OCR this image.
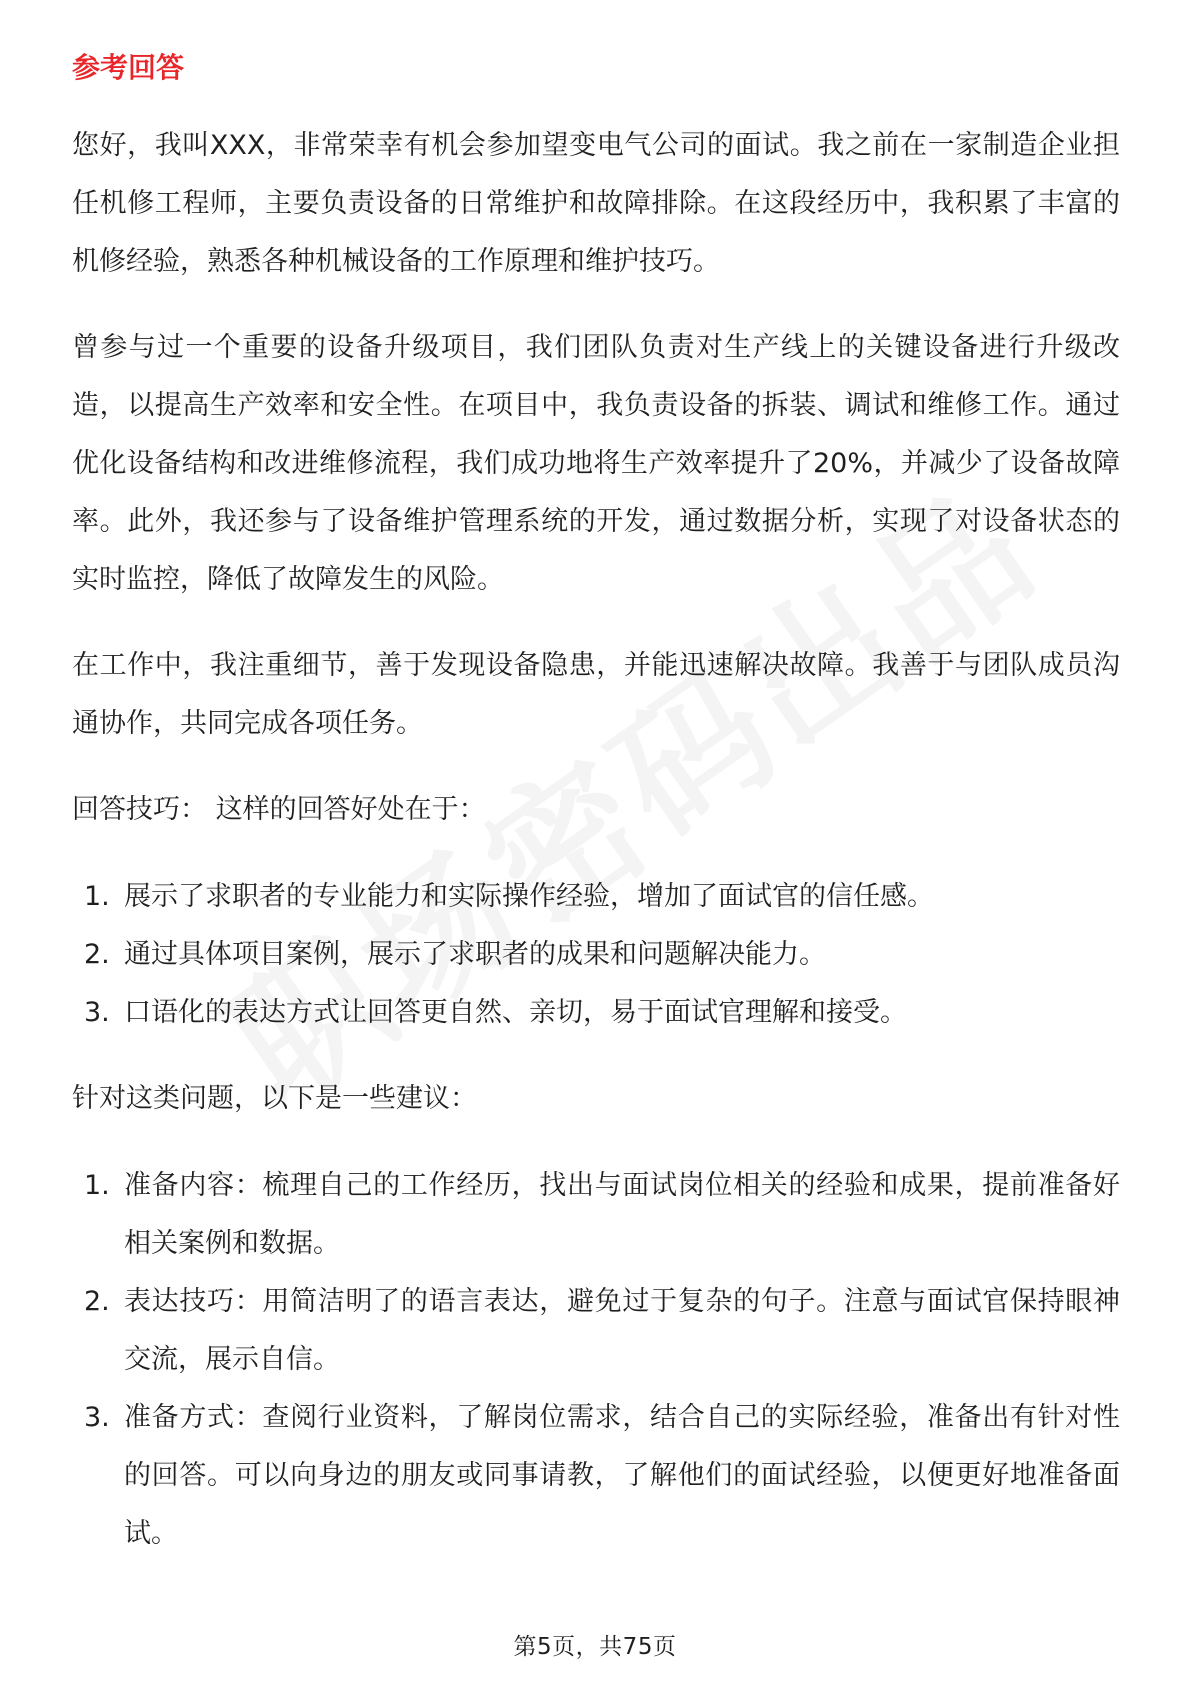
参考回答

您好，我叫XXX，非常荣幸有机会参加望变电气公司的面试。我之前在一家制造企业担任机修工程师，主要负责设备的日常维护和故障排除。在这段经历中，我积累了丰富的机修经验，熟悉各种机械设备的工作原理和维护技巧。

曾参与过一个重要的设备升级项目，我们团队负责对生产线上的关键设备进行升级改造，以提高生产效率和安全性。在项目中，我负责设备的拆装、调试和维修工作。通过优化设备结构和改进维修流程，我们成功地将生产效率提升了20%，并减少了设备故障率。此外，我还参与了设备维护管理系统的开发，通过数据分析，实现了对设备状态的实时监控，降低了故障发生的风险。

在工作中，我注重细节，善于发现设备隐患，并能迅速解决故障。我善于与团队成员沟通协作，共同完成各项任务。

回答技巧： 这样的回答好处在于：

1. 展示了求职者的专业能力和实际操作经验，增加了面试官的信任感。
2. 通过具体项目案例，展示了求职者的成果和问题解决能力。
3. 口语化的表达方式让回答更自然、亲切，易于面试官理解和接受。

针对这类问题，以下是一些建议：

1. 准备内容：梳理自己的工作经历，找出与面试岗位相关的经验和成果，提前准备好相关案例和数据。
2. 表达技巧：用简洁明了的语言表达，避免过于复杂的句子。注意与面试官保持眼神交流，展示自信。
3. 准备方式：查阅行业资料，了解岗位需求，结合自己的实际经验，准备出有针对性的回答。可以向身边的朋友或同事请教，了解他们的面试经验，以便更好地准备面试。
第5页，共75页
